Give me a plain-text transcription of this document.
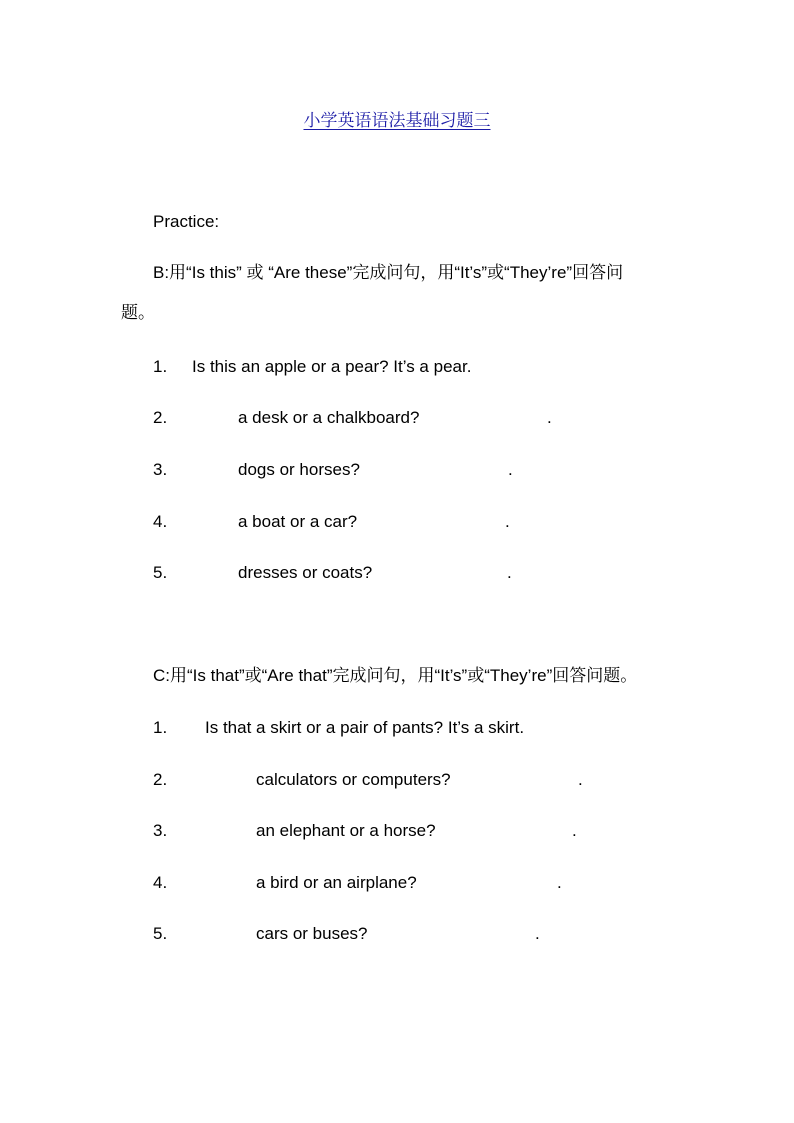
小学英语语法基础习题三
Practice:
B:用“Is this” 或 “Are these”完成问句，用“It’s”或“They’re”回答问
题。
1. Is this an apple or a pear? It’s a pear.
2.	a desk or a chalkboard?	.
3.	dogs or horses?	.
4.	a boat or a car?	.
5.	dresses or coats?	.
C:用“Is that”或“Are that”完成问句，用“It’s”或“They’re”回答问题。
1. Is that a skirt or a pair of pants? It’s a skirt.
2.	calculators or computers?	.
3.	an elephant or a horse?	.
4.	a bird or an airplane?	.
5.	cars or buses?	.
